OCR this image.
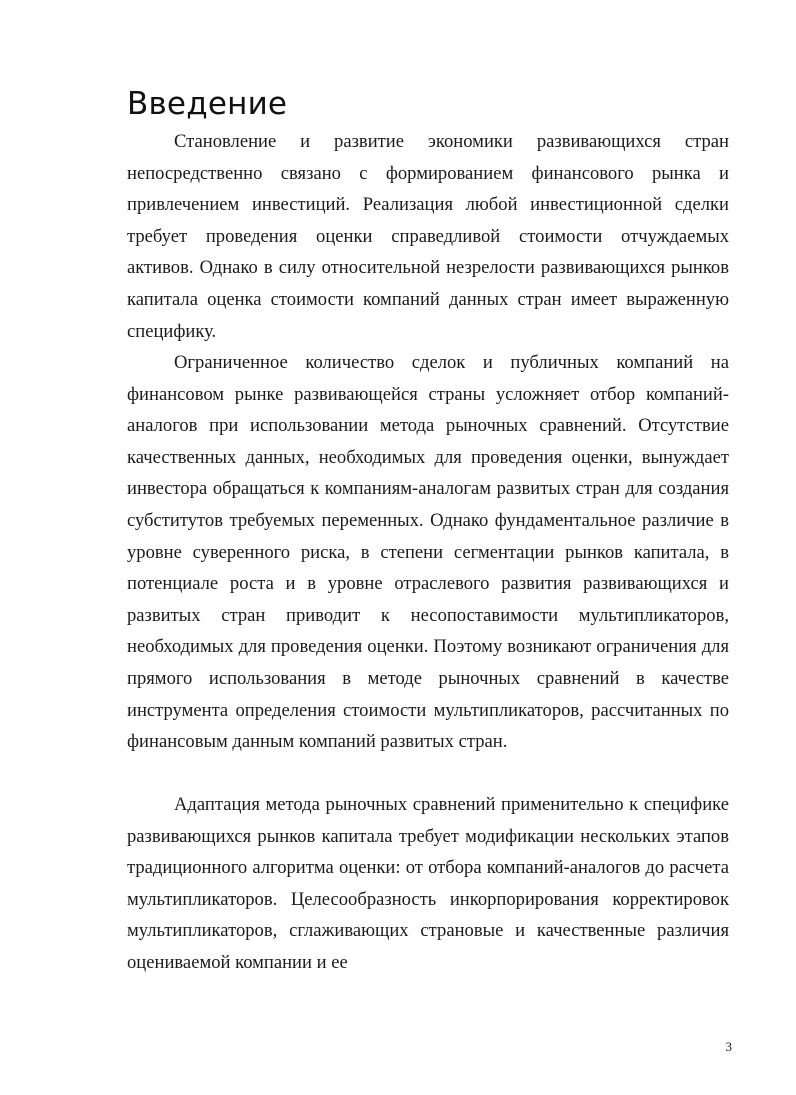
Введение

Становление и развитие экономики развивающихся стран непосредственно связано с формированием финансового рынка и привлечением инвестиций. Реализация любой инвестиционной сделки требует проведения оценки справедливой стоимости отчуждаемых активов. Однако в силу относительной незрелости развивающихся рынков капитала оценка стоимости компаний данных стран имеет выраженную специфику.

Ограниченное количество сделок и публичных компаний на финансовом рынке развивающейся страны усложняет отбор компаний-аналогов при использовании метода рыночных сравнений. Отсутствие качественных данных, необходимых для проведения оценки, вынуждает инвестора обращаться к компаниям-аналогам развитых стран для создания субститутов требуемых переменных. Однако фундаментальное различие в уровне суверенного риска, в степени сегментации рынков капитала, в потенциале роста и в уровне отраслевого развития развивающихся и развитых стран приводит к несопоставимости мультипликаторов, необходимых для проведения оценки. Поэтому возникают ограничения для прямого использования в методе рыночных сравнений в качестве инструмента определения стоимости мультипликаторов, рассчитанных по финансовым данным компаний развитых стран.

Адаптация метода рыночных сравнений применительно к специфике развивающихся рынков капитала требует модификации нескольких этапов традиционного алгоритма оценки: от отбора компаний-аналогов до расчета мультипликаторов. Целесообразность инкорпорирования корректировок мультипликаторов, сглаживающих страновые и качественные различия оцениваемой компании и ее

3
